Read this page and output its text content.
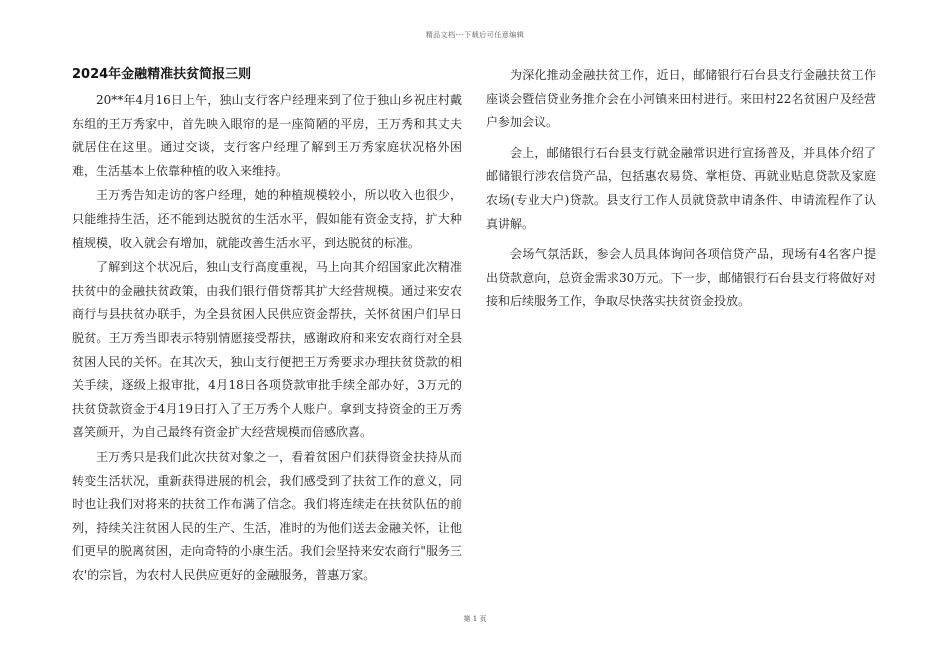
精品文档---下载后可任意编辑
2024年金融精准扶贫简报三则

20**年4月16日上午，独山支行客户经理来到了位于独山乡祝庄村戴东组的王万秀家中，首先映入眼帘的是一座简陋的平房，王万秀和其丈夫就居住在这里。通过交谈，支行客户经理了解到王万秀家庭状况格外困难，生活基本上依靠种植的收入来维持。

王万秀告知走访的客户经理，她的种植规模较小，所以收入也很少，只能维持生活，还不能到达脱贫的生活水平，假如能有资金支持，扩大种植规模，收入就会有增加，就能改善生活水平，到达脱贫的标准。

了解到这个状况后，独山支行高度重视，马上向其介绍国家此次精准扶贫中的金融扶贫政策，由我们银行借贷帮其扩大经营规模。通过来安农商行与县扶贫办联手，为全县贫困人民供应资金帮扶，关怀贫困户们早日脱贫。王万秀当即表示特别情愿接受帮扶，感谢政府和来安农商行对全县贫困人民的关怀。在其次天，独山支行便把王万秀要求办理扶贫贷款的相关手续，逐级上报审批，4月18日各项贷款审批手续全部办好，3万元的扶贫贷款资金于4月19日打入了王万秀个人账户。拿到支持资金的王万秀喜笑颜开，为自己最终有资金扩大经营规模而倍感欣喜。

王万秀只是我们此次扶贫对象之一，看着贫困户们获得资金扶持从而转变生活状况，重新获得进展的机会，我们感受到了扶贫工作的意义，同时也让我们对将来的扶贫工作布满了信念。我们将连续走在扶贫队伍的前列，持续关注贫困人民的生产、生活，准时的为他们送去金融关怀，让他们更早的脱离贫困，走向奇特的小康生活。我们会坚持来安农商行"服务三农'的宗旨，为农村人民供应更好的金融服务，普惠万家。

为深化推动金融扶贫工作，近日，邮储银行石台县支行金融扶贫工作座谈会暨信贷业务推介会在小河镇来田村进行。来田村22名贫困户及经营户参加会议。

会上，邮储银行石台县支行就金融常识进行宣扬普及，并具体介绍了邮储银行涉农信贷产品，包括惠农易贷、掌柜贷、再就业贴息贷款及家庭农场(专业大户)贷款。县支行工作人员就贷款申请条件、申请流程作了认真讲解。

会场气氛活跃，参会人员具体询问各项信贷产品，现场有4名客户提出贷款意向，总资金需求30万元。下一步，邮储银行石台县支行将做好对接和后续服务工作，争取尽快落实扶贫资金投放。

第 1 页
